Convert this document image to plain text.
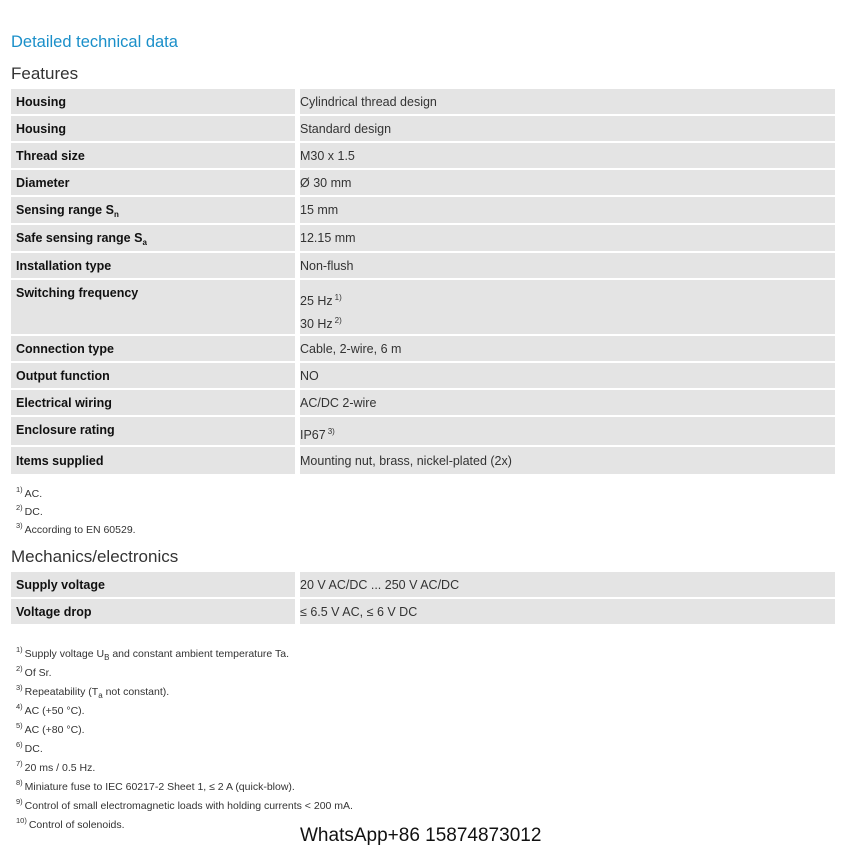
Detailed technical data
Features
Housing	Cylindrical thread design

Housing	Standard design

Thread size	M30 x 1.5

Diameter	Ø 30 mm

Sensing range $S_n$	15 mm

Safe sensing range $S_a$	12.15 mm

Installation type	Non-flush

Switching frequency	25 Hz $^{1)}$
30 Hz $^{2)}$

Connection type	Cable, 2-wire, 6 m

Output function	NO

Electrical wiring	AC/DC 2-wire

Enclosure rating	IP67 $^{3)}$

Items supplied	Mounting nut, brass, nickel-plated (2x)
$^{1)}$ AC.
$^{2)}$ DC.
$^{3)}$ According to EN 60529.
Mechanics/electronics
Supply voltage	20 V AC/DC ... 250 V AC/DC

Voltage drop	≤ 6.5 V AC, ≤ 6 V DC
$^{1)}$ Supply voltage $U_B$ and constant ambient temperature Ta.
$^{2)}$ Of Sr.
$^{3)}$ Repeatability ($T_a$ not constant).
$^{4)}$ AC (+50 °C).
$^{5)}$ AC (+80 °C).
$^{6)}$ DC.
$^{7)}$ 20 ms / 0.5 Hz.
$^{8)}$ Miniature fuse to IEC 60217-2 Sheet 1, ≤ 2 A (quick-blow).
$^{9)}$ Control of small electromagnetic loads with holding currents < 200 mA.
$^{10)}$ Control of solenoids.	WhatsApp+86 15874873012
